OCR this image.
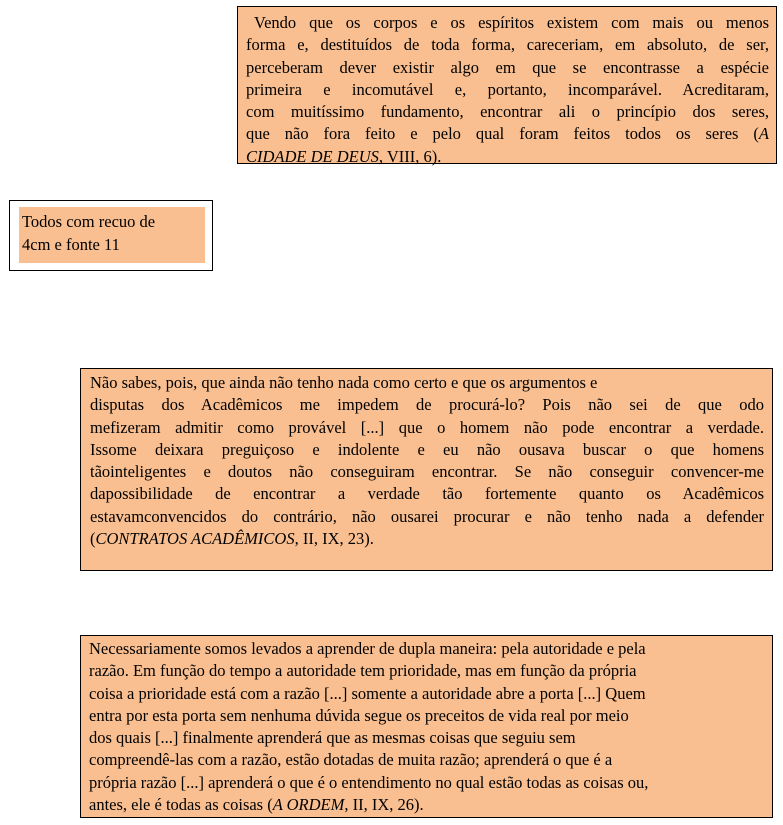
Vendo que os corpos e os espíritos existem com mais ou menos
forma e, destituídos de toda forma, careceriam, em absoluto, de ser,
perceberam dever existir algo em que se encontrasse a espécie
primeira e incomutável e, portanto, incomparável. Acreditaram,
com muitíssimo fundamento, encontrar ali o princípio dos seres,
que não fora feito e pelo qual foram feitos todos os seres (A
CIDADE DE DEUS, VIII, 6).
Todos com recuo de
4cm e fonte 11
Não sabes, pois, que ainda não tenho nada como certo e que os argumentos e
disputas dos Acadêmicos me impedem de procurá-lo? Pois não sei de que odo
mefizeram admitir como provável [...] que o homem não pode encontrar a verdade.
Issome deixara preguiçoso e indolente e eu não ousava buscar o que homens
tãointeligentes e doutos não conseguiram encontrar. Se não conseguir convencer-me
dapossibilidade de encontrar a verdade tão fortemente quanto os Acadêmicos
estavamconvencidos do contrário, não ousarei procurar e não tenho nada a defender
(CONTRATOS ACADÊMICOS, II, IX, 23).
Necessariamente somos levados a aprender de dupla maneira: pela autoridade e pela
razão. Em função do tempo a autoridade tem prioridade, mas em função da própria
coisa a prioridade está com a razão [...] somente a autoridade abre a porta [...] Quem
entra por esta porta sem nenhuma dúvida segue os preceitos de vida real por meio
dos quais [...] finalmente aprenderá que as mesmas coisas que seguiu sem
compreendê-las com a razão, estão dotadas de muita razão; aprenderá o que é a
própria razão [...] aprenderá o que é o entendimento no qual estão todas as coisas ou,
antes, ele é todas as coisas (A ORDEM, II, IX, 26).
